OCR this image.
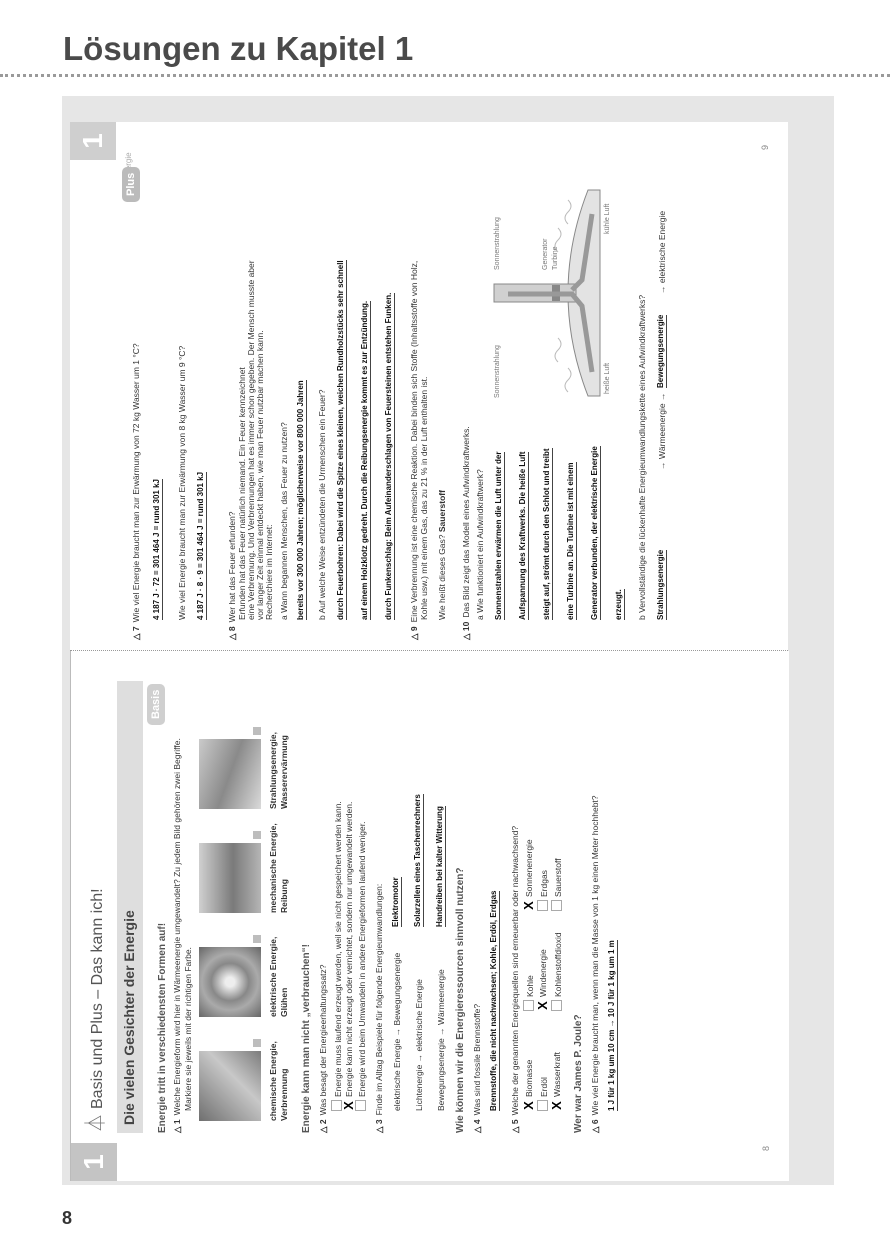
Lösungen zu Kapitel 1
1
⏃Basis und Plus – Das kann ich! Die vielen Gesichter der Energie
Basis
Energie tritt in verschiedensten Formen auf! △ 1Welche Energieform wird hier in Wärmeenergie umgewandelt? Zu jedem Bild gehören zwei Begriffe. Markiere sie jeweils mit der richtigen Farbe.	chemische Energie, Verbrennung
elektrische Energie, Glühen
mechanische Energie, Reibung
Strahlungsenergie, Wasserervärmung
Energie kann man nicht „verbrauchen“! △ 2Was besagt der Energieerhaltungssatz? Energie muss laufend erzeugt werden, weil sie nicht gespeichert werden kann.
XEnergie kann nicht erzeugt oder vernichtet, sondern nur umgewandelt werden. Energie wird beim Umwandeln in andere Energieformen laufend weniger.
△ 3Finde im Alltag Beispiele für folgende Energieumwandlungen: elektrische Energie → Bewegungsenergie
Elektromotor
Lichtenergie → elektrische Energie
Solarzellen eines Taschenrechners
Bewegungsenergie → Wärmeenergie
Handreiben bei kalter Witterung
Wie können wir die Energieressourcen sinnvoll nutzen? △ 4Was sind fossile Brennstoffe? Brennstoffe, die nicht nachwachsen; Kohle, Erdöl, Erdgas
△ 5Welche der genannten Energiequellen sind erneuerbar oder nachwachsend? XBiomasse
Kohle
XSonnenenergie
Erdöl
XWindenergie
Erdgas
XWasserkraft
Kohlenstoffdioxid
Sauerstoff
Wer war James P. Joule? △ 6Wie viel Energie braucht man, wenn man die Masse von 1 kg einen Meter hochhebt? 1 J für 1 kg um 10 cm → 10 J für 1 kg um 1 m
8
1
△ 7Wie viel Energie braucht man zur Erwärmung von 72 kg Wasser um 1 °C? 4 187 J · 72 = 301 464 J = rund 301 kJ Wie viel Energie braucht man zur Erwärmung von 8 kg Wasser um 9 °C? 4 187 J · 8 · 9 = 301 464 J = rund 301 kJ
Plus
△ 8Wer hat das Feuer erfunden? Erfunden hat das Feuer natürlich niemand. Ein Feuer kennzeichnet eine Verbrennung. Und Verbrennungen hat es immer schon gegeben. Der Mensch musste aber vor langer Zeit einmal entdeckt haben, wie man Feuer nutzbar machen kann. Recherchiere im Internet: a Wann begannen Menschen, das Feuer zu nutzen? bereits vor 300 000 Jahren; möglicherweise vor 800 000 Jahren b Auf welche Weise entzündeten die Urmenschen ein Feuer? durch Feuerbohren: Dabei wird die Spitze eines kleinen, weichen Rundholzstücks sehr schnell auf einem Holzklotz gedreht. Durch die Reibungsenergie kommt es zur Entzündung. durch Funkenschlag: Beim Aufeinanderschlagen von Feuersteinen entstehen Funken.
△ 9Eine Verbrennung ist eine chemische Reaktion. Dabei binden sich Stoffe (Inhaltsstoffe von Holz, Kohle usw.) mit einem Gas, das zu 21 % in der Luft enthalten ist. Wie heißt dieses Gas? Sauerstoff
△ 10Das Bild zeigt das Modell eines Aufwindkraftwerks. a Wie funktioniert ein Aufwindkraftwerk? Sonnenstrahlen erwärmen die Luft unter der Aufspannung des Kraftwerks. Die heiße Luft steigt auf, strömt durch den Schlot und treibt eine Turbine an. Die Turbine ist mit einem Generator verbunden, der elektrische Energie erzeugt.
Sonnenstrahlung
Sonnenstrahlung	Generator Turbine
heiße Luft
kühle Luft
b Vervollständige die lückenhafte Energieumwandlungskette eines Aufwindkraftwerks? Strahlungsenergie
→ Wärmeenergie →
Bewegungsenergie
→ elektrische Energie
9
8
